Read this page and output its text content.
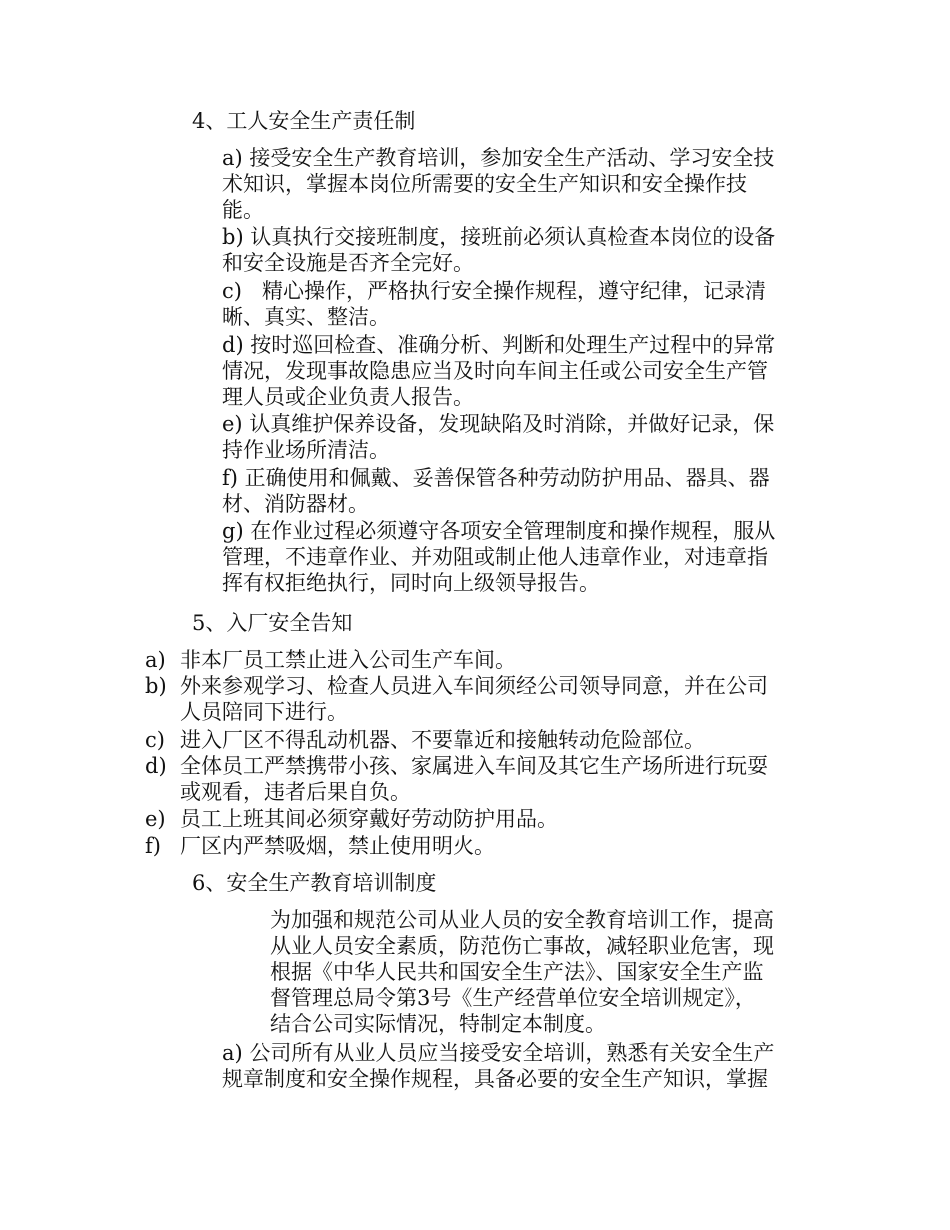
4、工人安全生产责任制
a) 接受安全生产教育培训，参加安全生产活动、学习安全技
术知识，掌握本岗位所需要的安全生产知识和安全操作技
能。
b) 认真执行交接班制度，接班前必须认真检查本岗位的设备
和安全设施是否齐全完好。
c)   精心操作，严格执行安全操作规程，遵守纪律，记录清
晰、真实、整洁。
d) 按时巡回检查、准确分析、判断和处理生产过程中的异常
情况，发现事故隐患应当及时向车间主任或公司安全生产管
理人员或企业负责人报告。
e) 认真维护保养设备，发现缺陷及时消除，并做好记录，保
持作业场所清洁。
f) 正确使用和佩戴、妥善保管各种劳动防护用品、器具、器
材、消防器材。
g) 在作业过程必须遵守各项安全管理制度和操作规程，服从
管理，不违章作业、并劝阻或制止他人违章作业，对违章指
挥有权拒绝执行，同时向上级领导报告。
5、入厂安全告知
a) 非本厂员工禁止进入公司生产车间。
b) 外来参观学习、检查人员进入车间须经公司领导同意，并在公司
人员陪同下进行。
c) 进入厂区不得乱动机器、不要靠近和接触转动危险部位。
d) 全体员工严禁携带小孩、家属进入车间及其它生产场所进行玩耍
或观看，违者后果自负。
e) 员工上班其间必须穿戴好劳动防护用品。
f) 厂区内严禁吸烟，禁止使用明火。
6、安全生产教育培训制度
为加强和规范公司从业人员的安全教育培训工作，提高
从业人员安全素质，防范伤亡事故，减轻职业危害，现
根据《中华人民共和国安全生产法》、国家安全生产监
督管理总局令第3号《生产经营单位安全培训规定》，
结合公司实际情况，特制定本制度。
a) 公司所有从业人员应当接受安全培训，熟悉有关安全生产
规章制度和安全操作规程，具备必要的安全生产知识，掌握
